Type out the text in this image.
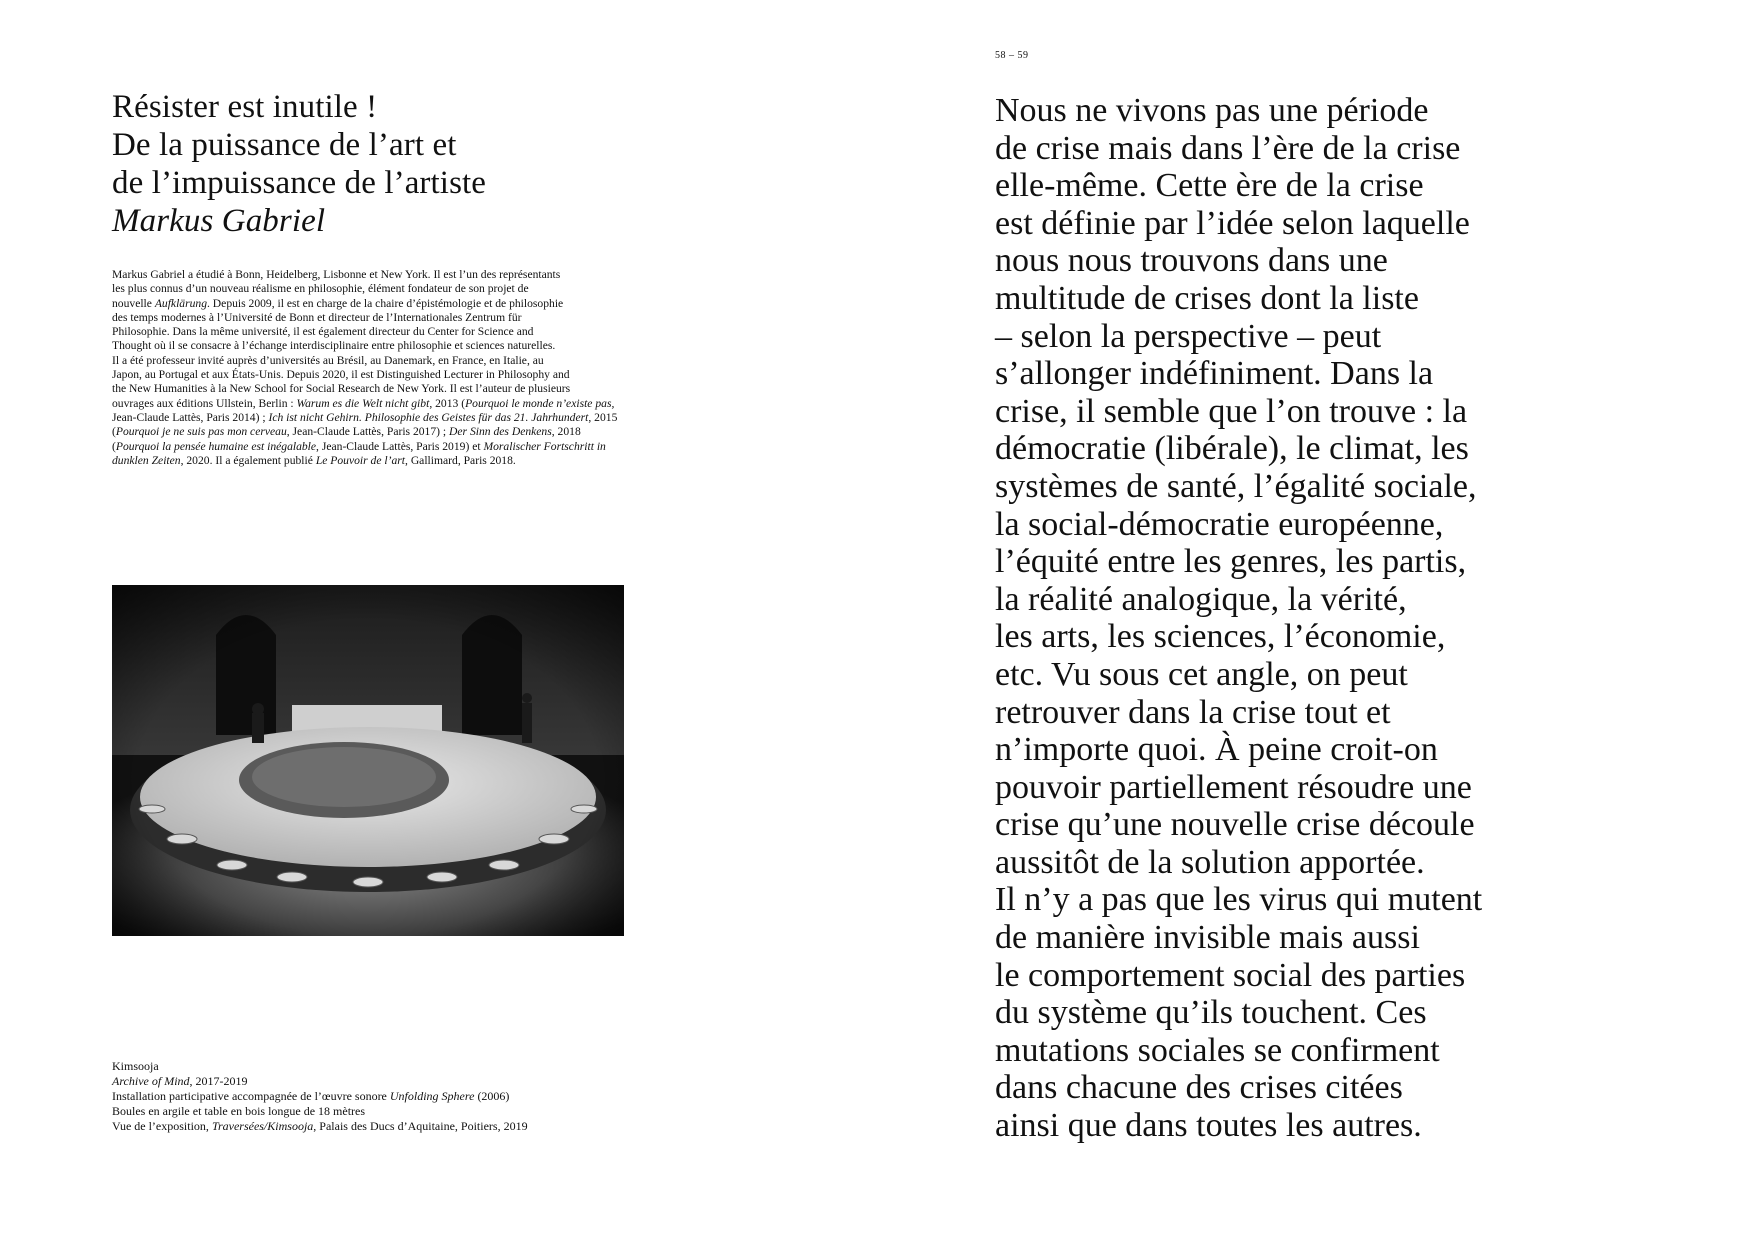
Résister est inutile !
De la puissance de l’art et
de l’impuissance de l’artiste
Markus Gabriel
Markus Gabriel a étudié à Bonn, Heidelberg, Lisbonne et New York. Il est l’un des représentants
les plus connus d’un nouveau réalisme en philosophie, élément fondateur de son projet de
nouvelle Aufklärung. Depuis 2009, il est en charge de la chaire d’épistémologie et de philosophie
des temps modernes à l’Université de Bonn et directeur de l’Internationales Zentrum für
Philosophie. Dans la même université, il est également directeur du Center for Science and
Thought où il se consacre à l’échange interdisciplinaire entre philosophie et sciences naturelles.
Il a été professeur invité auprès d’universités au Brésil, au Danemark, en France, en Italie, au
Japon, au Portugal et aux États-Unis. Depuis 2020, il est Distinguished Lecturer in Philosophy and
the New Humanities à la New School for Social Research de New York. Il est l’auteur de plusieurs
ouvrages aux éditions Ullstein, Berlin : Warum es die Welt nicht gibt, 2013 (Pourquoi le monde n’existe pas,
Jean-Claude Lattès, Paris 2014) ; Ich ist nicht Gehirn. Philosophie des Geistes für das 21. Jahrhundert, 2015
(Pourquoi je ne suis pas mon cerveau, Jean-Claude Lattès, Paris 2017) ; Der Sinn des Denkens, 2018
(Pourquoi la pensée humaine est inégalable, Jean-Claude Lattès, Paris 2019) et Moralischer Fortschritt in
dunklen Zeiten, 2020. Il a également publié Le Pouvoir de l’art, Gallimard, Paris 2018.
Kimsooja
Archive of Mind, 2017-2019
Installation participative accompagnée de l’œuvre sonore Unfolding Sphere (2006)
Boules en argile et table en bois longue de 18 mètres
Vue de l’exposition, Traversées/Kimsooja, Palais des Ducs d’Aquitaine, Poitiers, 2019
58 – 59
Nous ne vivons pas une période
de crise mais dans l’ère de la crise
elle-même. Cette ère de la crise
est définie par l’idée selon laquelle
nous nous trouvons dans une
multitude de crises dont la liste
– selon la perspective – peut
s’allonger indéfiniment. Dans la
crise, il semble que l’on trouve : la
démocratie (libérale), le climat, les
systèmes de santé, l’égalité sociale,
la social-démocratie européenne,
l’équité entre les genres, les partis,
la réalité analogique, la vérité,
les arts, les sciences, l’économie,
etc. Vu sous cet angle, on peut
retrouver dans la crise tout et
n’importe quoi. À peine croit-on
pouvoir partiellement résoudre une
crise qu’une nouvelle crise découle
aussitôt de la solution apportée.
Il n’y a pas que les virus qui mutent
de manière invisible mais aussi
le comportement social des parties
du système qu’ils touchent. Ces
mutations sociales se confirment
dans chacune des crises citées
ainsi que dans toutes les autres.
